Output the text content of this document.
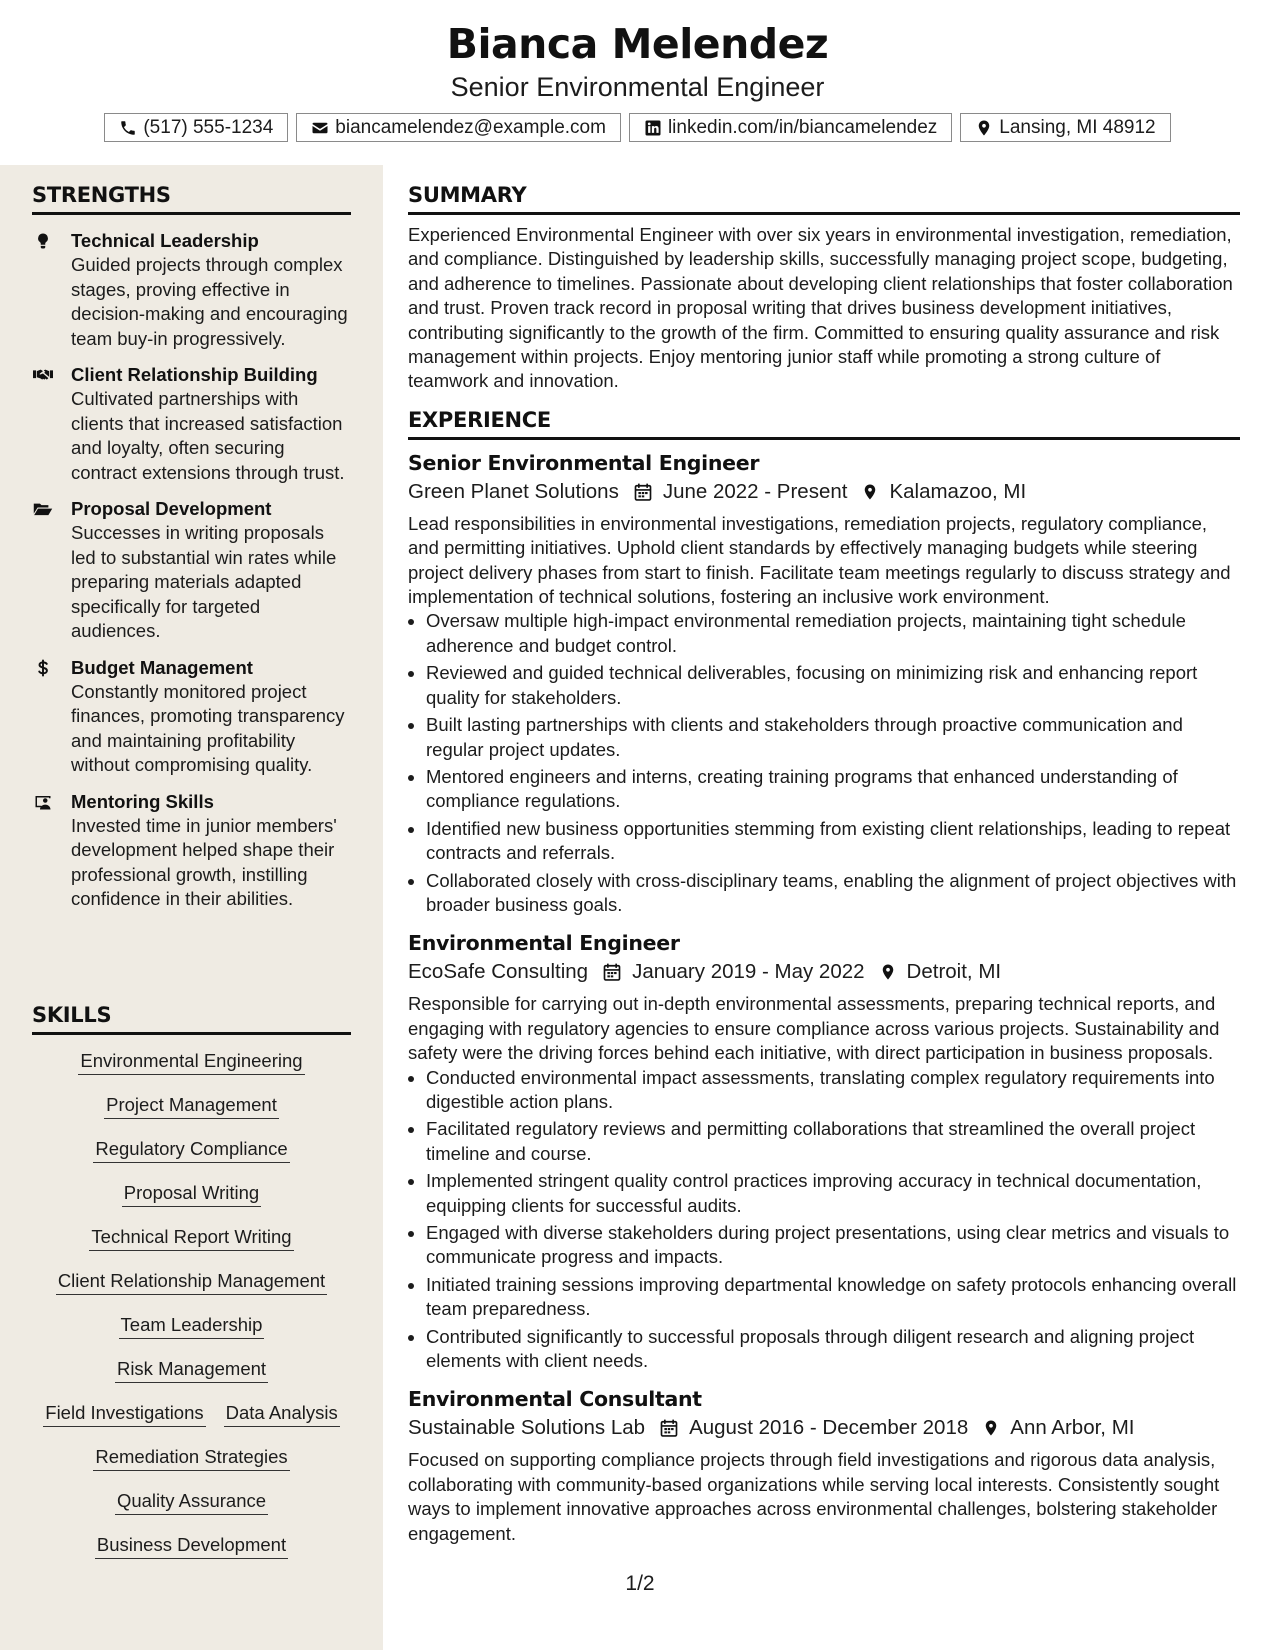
Bianca Melendez
Senior Environmental Engineer
(517) 555-1234	biancamelendez@example.com	linkedin.com/in/biancamelendez	Lansing, MI 48912
STRENGTHS
Technical Leadership
Guided projects through complex stages, proving effective in decision-making and encouraging team buy-in progressively.
Client Relationship Building
Cultivated partnerships with clients that increased satisfaction and loyalty, often securing contract extensions through trust.
Proposal Development
Successes in writing proposals led to substantial win rates while preparing materials adapted specifically for targeted audiences.
Budget Management
Constantly monitored project finances, promoting transparency and maintaining profitability without compromising quality.
Mentoring Skills
Invested time in junior members' development helped shape their professional growth, instilling confidence in their abilities.
SKILLS
Environmental Engineering
Project Management
Regulatory Compliance
Proposal Writing
Technical Report Writing
Client Relationship Management
Team Leadership
Risk Management
Field Investigations Data Analysis
Remediation Strategies
Quality Assurance
Business Development
SUMMARY

Experienced Environmental Engineer with over six years in environmental investigation, remediation, and compliance. Distinguished by leadership skills, successfully managing project scope, budgeting, and adherence to timelines. Passionate about developing client relationships that foster collaboration and trust. Proven track record in proposal writing that drives business development initiatives, contributing significantly to the growth of the firm. Committed to ensuring quality assurance and risk management within projects. Enjoy mentoring junior staff while promoting a strong culture of teamwork and innovation.

EXPERIENCE
Senior Environmental Engineer
Green Planet Solutions June 2022 - Present Kalamazoo, MI

Lead responsibilities in environmental investigations, remediation projects, regulatory compliance, and permitting initiatives. Uphold client standards by effectively managing budgets while steering project delivery phases from start to finish. Facilitate team meetings regularly to discuss strategy and implementation of technical solutions, fostering an inclusive work environment.

• Oversaw multiple high-impact environmental remediation projects, maintaining tight schedule adherence and budget control.
• Reviewed and guided technical deliverables, focusing on minimizing risk and enhancing report quality for stakeholders.
• Built lasting partnerships with clients and stakeholders through proactive communication and regular project updates.
• Mentored engineers and interns, creating training programs that enhanced understanding of compliance regulations.
• Identified new business opportunities stemming from existing client relationships, leading to repeat contracts and referrals.
• Collaborated closely with cross-disciplinary teams, enabling the alignment of project objectives with broader business goals.
Environmental Engineer
EcoSafe Consulting January 2019 - May 2022 Detroit, MI

Responsible for carrying out in-depth environmental assessments, preparing technical reports, and engaging with regulatory agencies to ensure compliance across various projects. Sustainability and safety were the driving forces behind each initiative, with direct participation in business proposals.

• Conducted environmental impact assessments, translating complex regulatory requirements into digestible action plans.
• Facilitated regulatory reviews and permitting collaborations that streamlined the overall project timeline and course.
• Implemented stringent quality control practices improving accuracy in technical documentation, equipping clients for successful audits.
• Engaged with diverse stakeholders during project presentations, using clear metrics and visuals to communicate progress and impacts.
• Initiated training sessions improving departmental knowledge on safety protocols enhancing overall team preparedness.
• Contributed significantly to successful proposals through diligent research and aligning project elements with client needs.
Environmental Consultant
Sustainable Solutions Lab August 2016 - December 2018 Ann Arbor, MI

Focused on supporting compliance projects through field investigations and rigorous data analysis, collaborating with community-based organizations while serving local interests. Consistently sought ways to implement innovative approaches across environmental challenges, bolstering stakeholder engagement.

1/2
